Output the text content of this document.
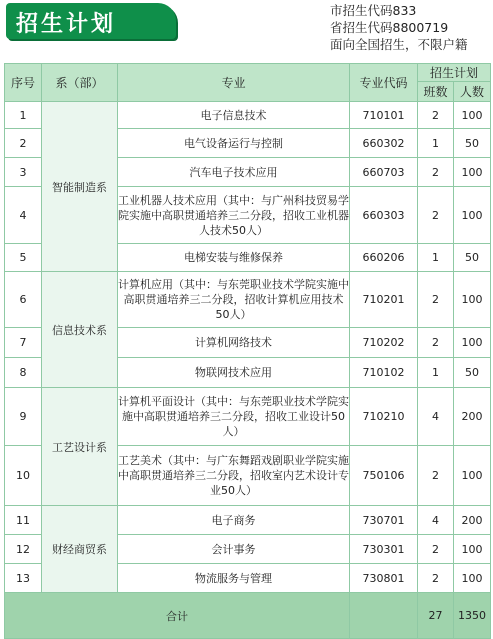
招生计划
市招生代码833
省招生代码8800719
面向全国招生，不限户籍
序号	系（部）	专业	专业代码	招生计划	
				班数	人数
1	智能制造系	电子信息技术	710101	2	100
2		电气设备运行与控制	660302	1	50
3		汽车电子技术应用	660703	2	100
4		工业机器人技术应用（其中：与广州科技贸易学院实施中高职贯通培养三二分段，招收工业机器人技术50人）	660303	2	100
5		电梯安装与维修保养	660206	1	50
6	信息技术系	计算机应用（其中：与东莞职业技术学院实施中高职贯通培养三二分段，招收计算机应用技术50人）	710201	2	100
7		计算机网络技术	710202	2	100
8		物联网技术应用	710102	1	50
9	工艺设计系	计算机平面设计（其中：与东莞职业技术学院实施中高职贯通培养三二分段，招收工业设计50人）	710210	4	200
10		工艺美术（其中：与广东舞蹈戏剧职业学院实施中高职贯通培养三二分段，招收室内艺术设计专业50人）	750106	2	100
11	财经商贸系	电子商务	730701	4	200
12		会计事务	730301	2	100
13		物流服务与管理	730801	2	100
合计				27	1350
